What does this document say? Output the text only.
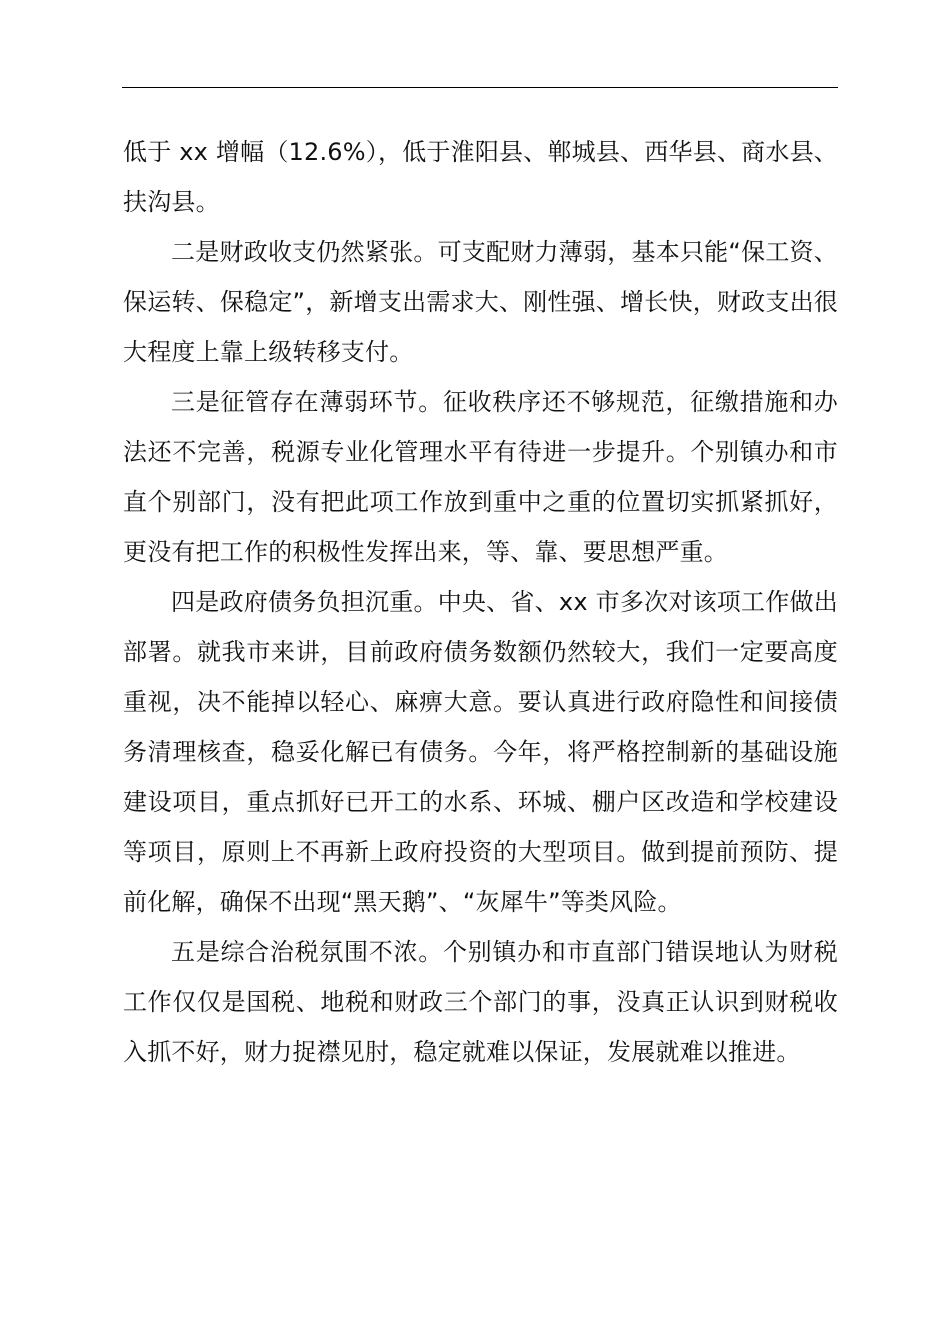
低于 xx 增幅（12.6%），低于淮阳县、郸城县、西华县、商水县、扶沟县。

二是财政收支仍然紧张。可支配财力薄弱，基本只能“保工资、保运转、保稳定”，新增支出需求大、刚性强、增长快，财政支出很大程度上靠上级转移支付。

三是征管存在薄弱环节。征收秩序还不够规范，征缴措施和办法还不完善，税源专业化管理水平有待进一步提升。个别镇办和市直个别部门，没有把此项工作放到重中之重的位置切实抓紧抓好，更没有把工作的积极性发挥出来，等、靠、要思想严重。

四是政府债务负担沉重。中央、省、xx 市多次对该项工作做出部署。就我市来讲，目前政府债务数额仍然较大，我们一定要高度重视，决不能掉以轻心、麻痹大意。要认真进行政府隐性和间接债务清理核查，稳妥化解已有债务。今年，将严格控制新的基础设施建设项目，重点抓好已开工的水系、环城、棚户区改造和学校建设等项目，原则上不再新上政府投资的大型项目。做到提前预防、提前化解，确保不出现“黑天鹅”、“灰犀牛”等类风险。

五是综合治税氛围不浓。个别镇办和市直部门错误地认为财税工作仅仅是国税、地税和财政三个部门的事，没真正认识到财税收入抓不好，财力捉襟见肘，稳定就难以保证，发展就难以推进。
